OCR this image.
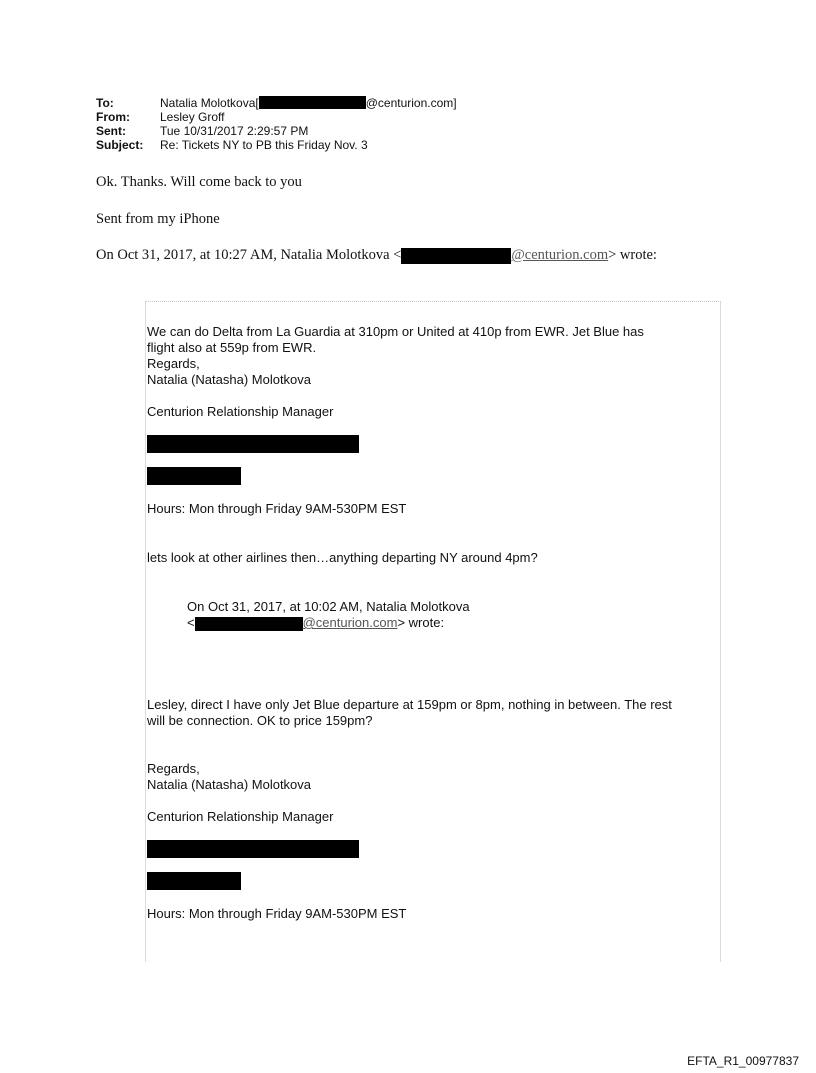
To:	Natalia Molotkova[	@centurion.com]
From:	Lesley Groff
Sent:	Tue 10/31/2017 2:29:57 PM
Subject:	Re: Tickets NY to PB this Friday Nov. 3
Ok. Thanks. Will come back to you
Sent from my iPhone
On Oct 31, 2017, at 10:27 AM, Natalia Molotkova <	@centurion.com> wrote:
We can do Delta from La Guardia at 310pm or United at 410p from EWR. Jet Blue has
flight also at 559p from EWR.
Regards,
Natalia (Natasha) Molotkova
Centurion Relationship Manager
Hours: Mon through Friday 9AM-530PM EST
lets look at other airlines then…anything departing NY around 4pm?
On Oct 31, 2017, at 10:02 AM, Natalia Molotkova
<	@centurion.com> wrote:
Lesley, direct I have only Jet Blue departure at 159pm or 8pm, nothing in between. The rest
will be connection. OK to price 159pm?
Regards,
Natalia (Natasha) Molotkova
Centurion Relationship Manager
Hours: Mon through Friday 9AM-530PM EST
EFTA_R1_00977837
